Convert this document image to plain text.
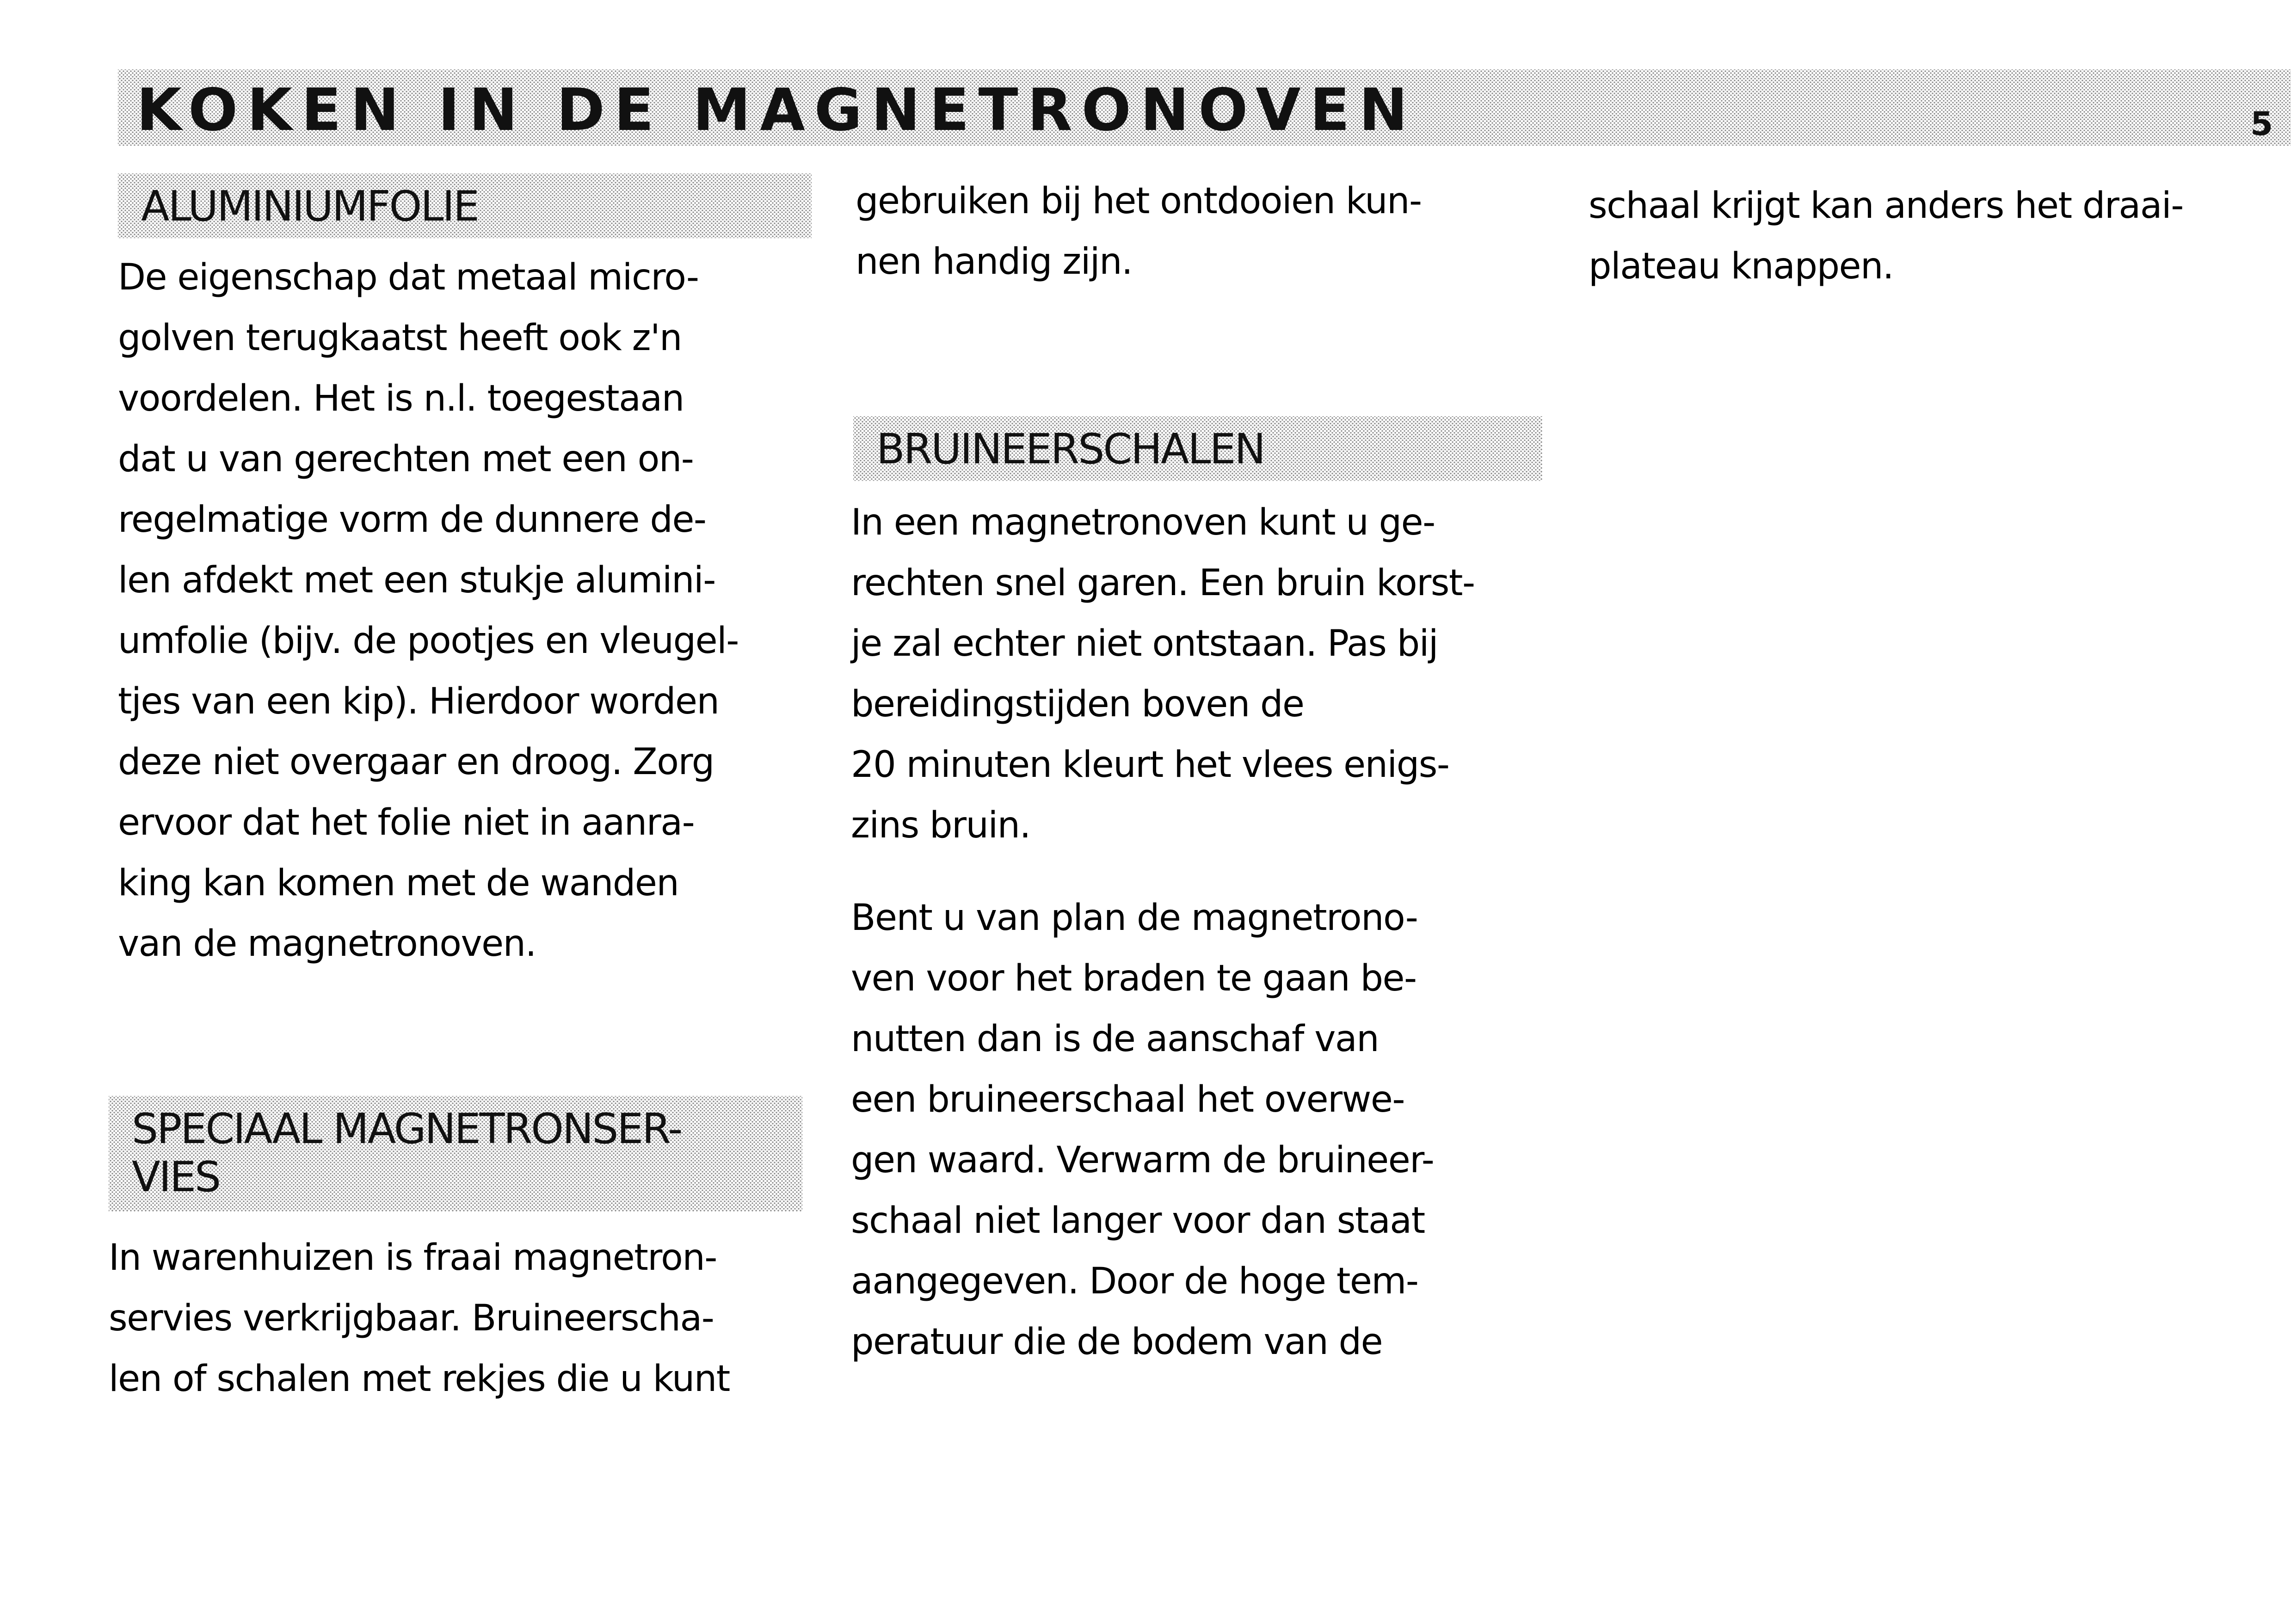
KOKEN IN DE MAGNETRONOVEN	5
ALUMINIUMFOLIE
De eigenschap dat metaal micro-
golven terugkaatst heeft ook z'n
voordelen. Het is n.l. toegestaan
dat u van gerechten met een on-
regelmatige vorm de dunnere de-
len afdekt met een stukje alumini-
umfolie (bijv. de pootjes en vleugel-
tjes van een kip). Hierdoor worden
deze niet overgaar en droog. Zorg
ervoor dat het folie niet in aanra-
king kan komen met de wanden
van de magnetronoven.
SPECIAAL MAGNETRONSER-
VIES
In warenhuizen is fraai magnetron-
servies verkrijgbaar. Bruineerscha-
len of schalen met rekjes die u kunt
gebruiken bij het ontdooien kun-
nen handig zijn.
BRUINEERSCHALEN
In een magnetronoven kunt u ge-
rechten snel garen. Een bruin korst-
je zal echter niet ontstaan. Pas bij
bereidingstijden boven de
20 minuten kleurt het vlees enigs-
zins bruin.
Bent u van plan de magnetrono-
ven voor het braden te gaan be-
nutten dan is de aanschaf van
een bruineerschaal het overwe-
gen waard. Verwarm de bruineer-
schaal niet langer voor dan staat
aangegeven. Door de hoge tem-
peratuur die de bodem van de
schaal krijgt kan anders het draai-
plateau knappen.
